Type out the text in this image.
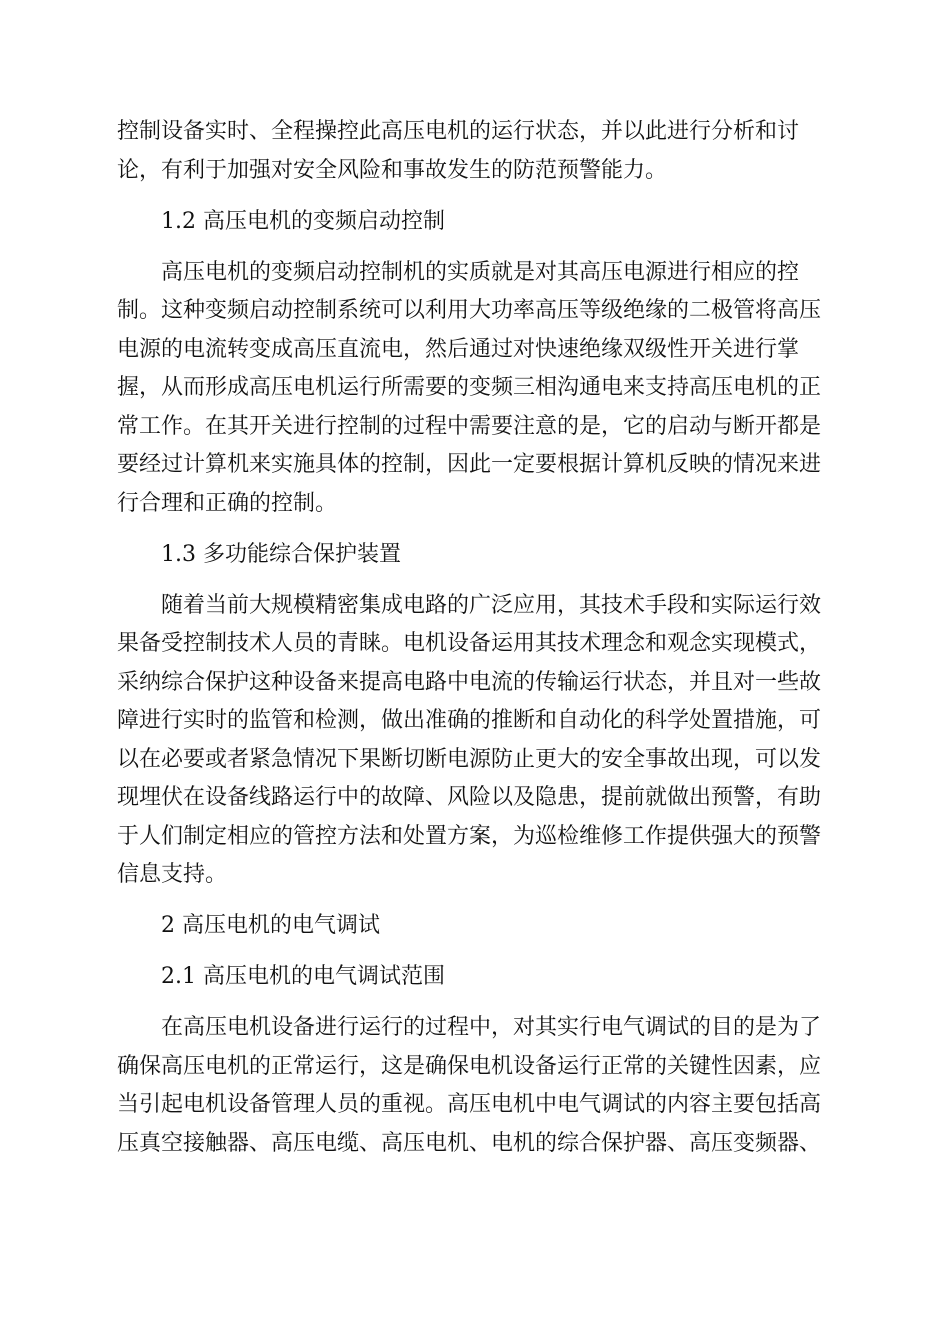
控制设备实时、全程操控此高压电机的运行状态，并以此进行分析和讨
论，有利于加强对安全风险和事故发生的防范预警能力。
1.2 高压电机的变频启动控制
高压电机的变频启动控制机的实质就是对其高压电源进行相应的控
制。这种变频启动控制系统可以利用大功率高压等级绝缘的二极管将高压
电源的电流转变成高压直流电，然后通过对快速绝缘双级性开关进行掌
握，从而形成高压电机运行所需要的变频三相沟通电来支持高压电机的正
常工作。在其开关进行控制的过程中需要注意的是，它的启动与断开都是
要经过计算机来实施具体的控制，因此一定要根据计算机反映的情况来进
行合理和正确的控制。
1.3 多功能综合保护装置
随着当前大规模精密集成电路的广泛应用，其技术手段和实际运行效
果备受控制技术人员的青睐。电机设备运用其技术理念和观念实现模式，
采纳综合保护这种设备来提高电路中电流的传输运行状态，并且对一些故
障进行实时的监管和检测，做出准确的推断和自动化的科学处置措施，可
以在必要或者紧急情况下果断切断电源防止更大的安全事故出现，可以发
现埋伏在设备线路运行中的故障、风险以及隐患，提前就做出预警，有助
于人们制定相应的管控方法和处置方案，为巡检维修工作提供强大的预警
信息支持。
2 高压电机的电气调试
2.1 高压电机的电气调试范围
在高压电机设备进行运行的过程中，对其实行电气调试的目的是为了
确保高压电机的正常运行，这是确保电机设备运行正常的关键性因素，应
当引起电机设备管理人员的重视。高压电机中电气调试的内容主要包括高
压真空接触器、高压电缆、高压电机、电机的综合保护器、高压变频器、
